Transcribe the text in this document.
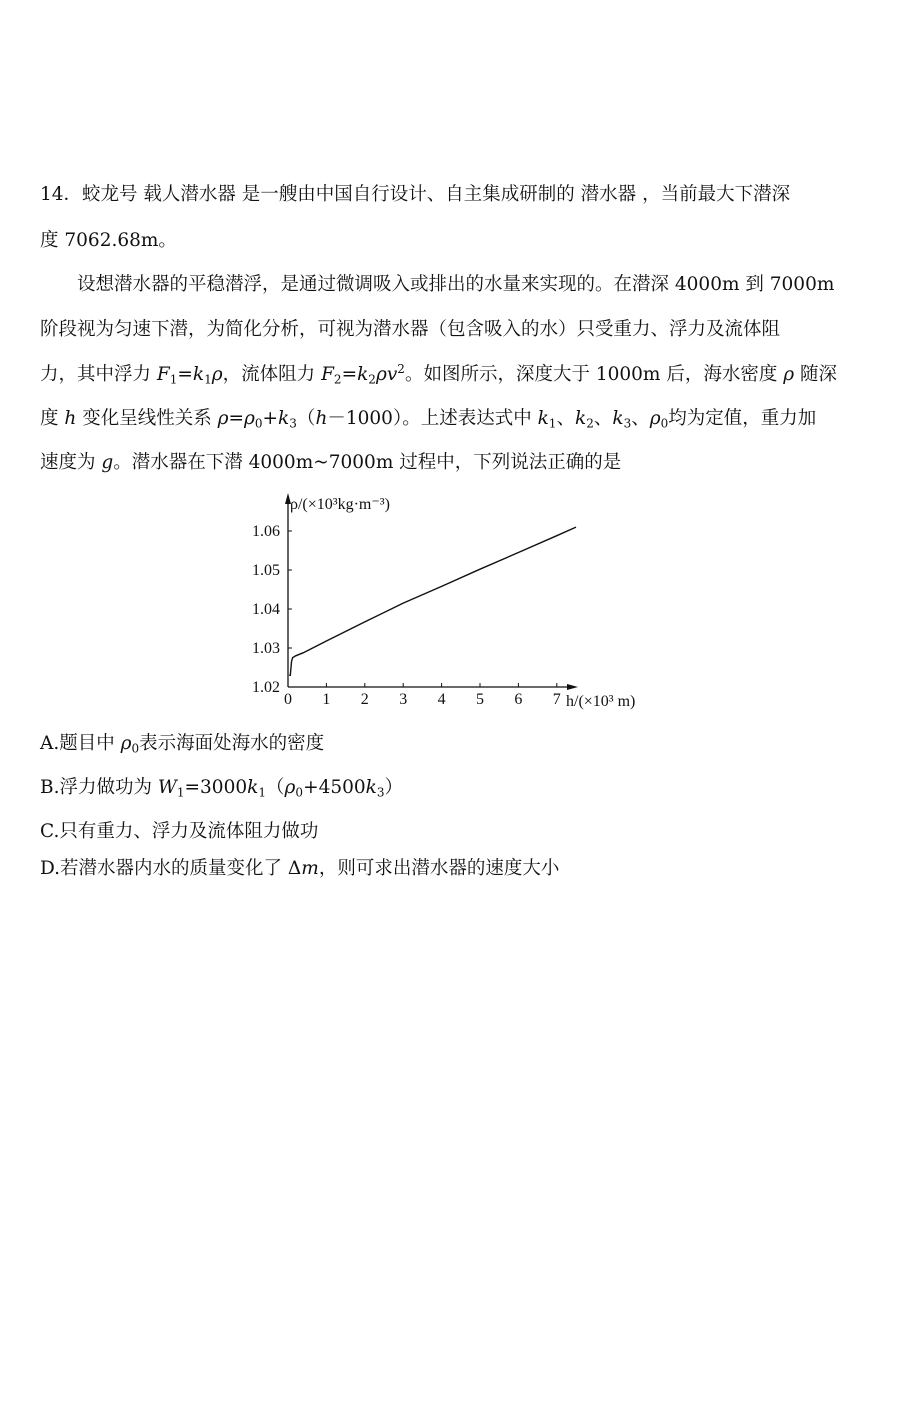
14．蛟龙号 载人潜水器 是一艘由中国自行设计、自主集成研制的 潜水器 ，当前最大下潜深
度 7062.68m。
　　设想潜水器的平稳潜浮，是通过微调吸入或排出的水量来实现的。在潜深 4000m 到 7000m
阶段视为匀速下潜，为简化分析，可视为潜水器（包含吸入的水）只受重力、浮力及流体阻
力，其中浮力 $F_1=k_1\rho$，流体阻力 $F_2=k_2\rho v^2$。如图所示，深度大于 1000m 后，海水密度 ρ 随深
度 h 变化呈线性关系 $\rho=\rho_0+k_3(h-1000)$。上述表达式中 $k_1$、$k_2$、$k_3$、$\rho_0$均为定值，重力加
速度为 g。潜水器在下潜 4000m~7000m 过程中，下列说法正确的是
A.题目中 $\rho_0$表示海面处海水的密度
B.浮力做功为 $W_1=3000k_1(\rho_0+4500k_3)$
C.只有重力、浮力及流体阻力做功
D.若潜水器内水的质量变化了 Δm，则可求出潜水器的速度大小
ρ/(×10³kg·m⁻³)
h/(×10³ m)
0 1 2 3 4 5 6 7
1.02
1.03
1.04
1.05
1.06
